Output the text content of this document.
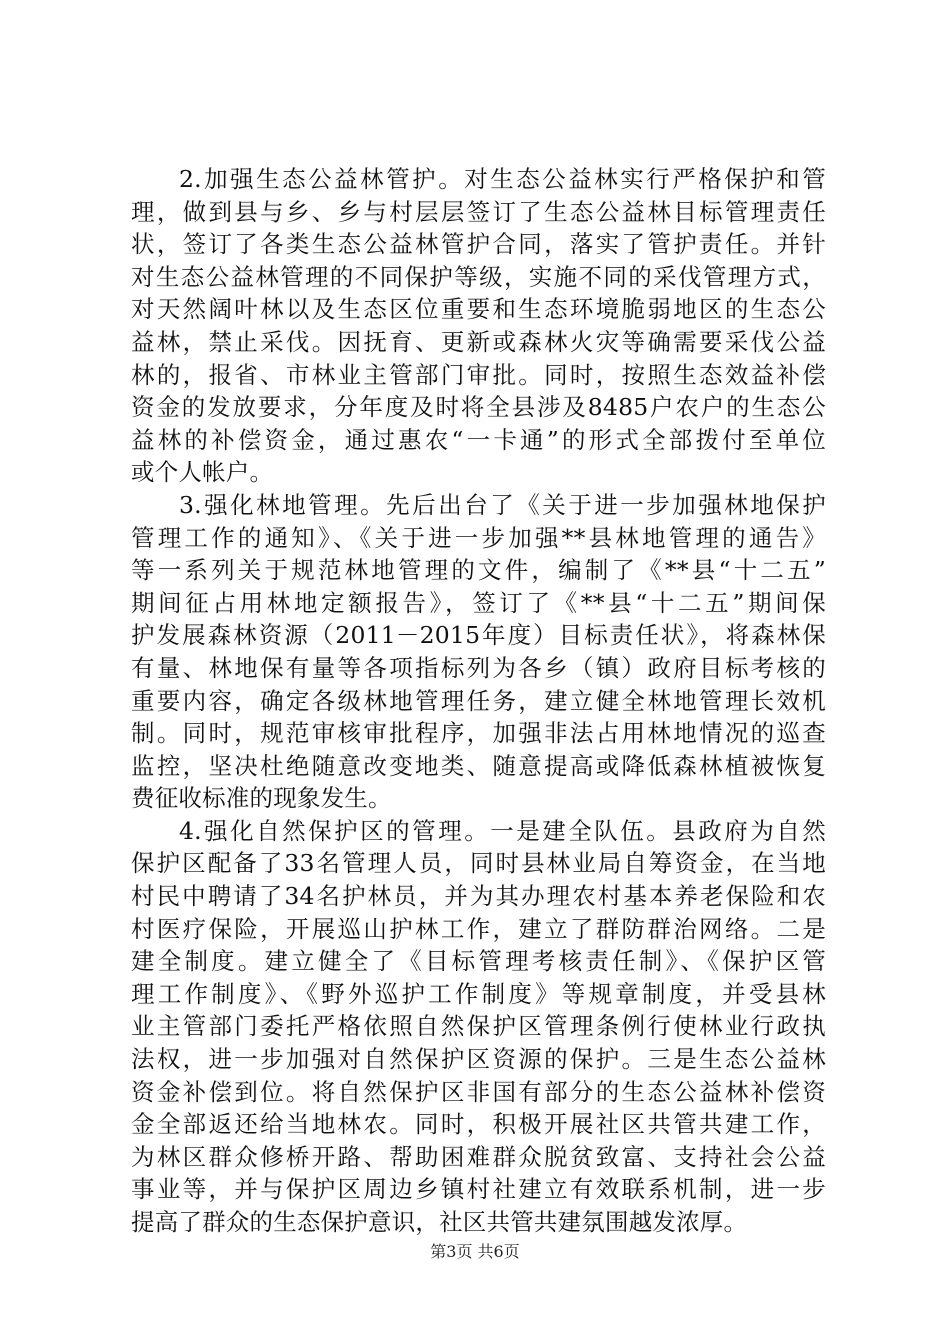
2.加强生态公益林管护。对生态公益林实行严格保护和管
理，做到县与乡、乡与村层层签订了生态公益林目标管理责任
状，签订了各类生态公益林管护合同，落实了管护责任。并针
对生态公益林管理的不同保护等级，实施不同的采伐管理方式，
对天然阔叶林以及生态区位重要和生态环境脆弱地区的生态公
益林，禁止采伐。因抚育、更新或森林火灾等确需要采伐公益
林的，报省、市林业主管部门审批。同时，按照生态效益补偿
资金的发放要求，分年度及时将全县涉及8485户农户的生态公
益林的补偿资金，通过惠农“一卡通”的形式全部拨付至单位
或个人帐户。
3.强化林地管理。先后出台了《关于进一步加强林地保护
管理工作的通知》、《关于进一步加强**县林地管理的通告》
等一系列关于规范林地管理的文件，编制了《**县“十二五”
期间征占用林地定额报告》，签订了《**县“十二五”期间保
护发展森林资源（2011－2015年度）目标责任状》，将森林保
有量、林地保有量等各项指标列为各乡（镇）政府目标考核的
重要内容，确定各级林地管理任务，建立健全林地管理长效机
制。同时，规范审核审批程序，加强非法占用林地情况的巡查
监控，坚决杜绝随意改变地类、随意提高或降低森林植被恢复
费征收标准的现象发生。
4.强化自然保护区的管理。一是建全队伍。县政府为自然
保护区配备了33名管理人员，同时县林业局自筹资金，在当地
村民中聘请了34名护林员，并为其办理农村基本养老保险和农
村医疗保险，开展巡山护林工作，建立了群防群治网络。二是
建全制度。建立健全了《目标管理考核责任制》、《保护区管
理工作制度》、《野外巡护工作制度》等规章制度，并受县林
业主管部门委托严格依照自然保护区管理条例行使林业行政执
法权，进一步加强对自然保护区资源的保护。三是生态公益林
资金补偿到位。将自然保护区非国有部分的生态公益林补偿资
金全部返还给当地林农。同时，积极开展社区共管共建工作，
为林区群众修桥开路、帮助困难群众脱贫致富、支持社会公益
事业等，并与保护区周边乡镇村社建立有效联系机制，进一步
提高了群众的生态保护意识，社区共管共建氛围越发浓厚。
第3页 共6页
